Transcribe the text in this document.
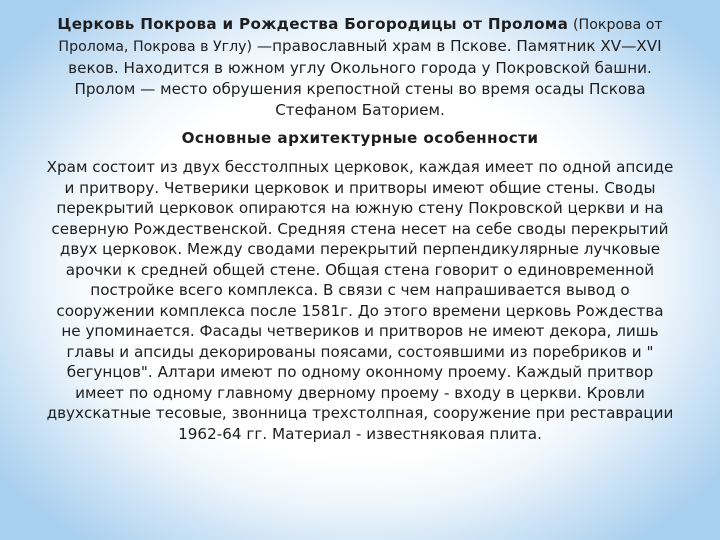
Церковь Покрова и Рождества Богородицы от Пролома (Покрова от Пролома, Покрова в Углу) —православный храм в Пскове. Памятник XV—XVI веков. Находится в южном углу Окольного города у Покровской башни. Пролом — место обрушения крепостной стены во время осады Пскова Стефаном Баторием.

Основные архитектурные особенности

Храм состоит из двух бесстолпных церковок, каждая имеет по одной апсиде и притвору. Четверики церковок и притворы имеют общие стены. Своды перекрытий церковок опираются на южную стену Покровской церкви и на северную Рождественской. Средняя стена несет на себе своды перекрытий двух церковок. Между сводами перекрытий перпендикулярные лучковые арочки к средней общей стене. Общая стена говорит о единовременной постройке всего комплекса. В связи с чем напрашивается вывод о сооружении комплекса после 1581г. До этого времени церковь Рождества не упоминается. Фасады четвериков и притворов не имеют декора, лишь главы и апсиды декорированы поясами, состоявшими из поребриков и " бегунцов". Алтари имеют по одному оконному проему. Каждый притвор имеет по одному главному дверному проему - входу в церкви. Кровли двухскатные тесовые, звонница трехстолпная, сооружение при реставрации 1962-64 гг. Материал - известняковая плита.
